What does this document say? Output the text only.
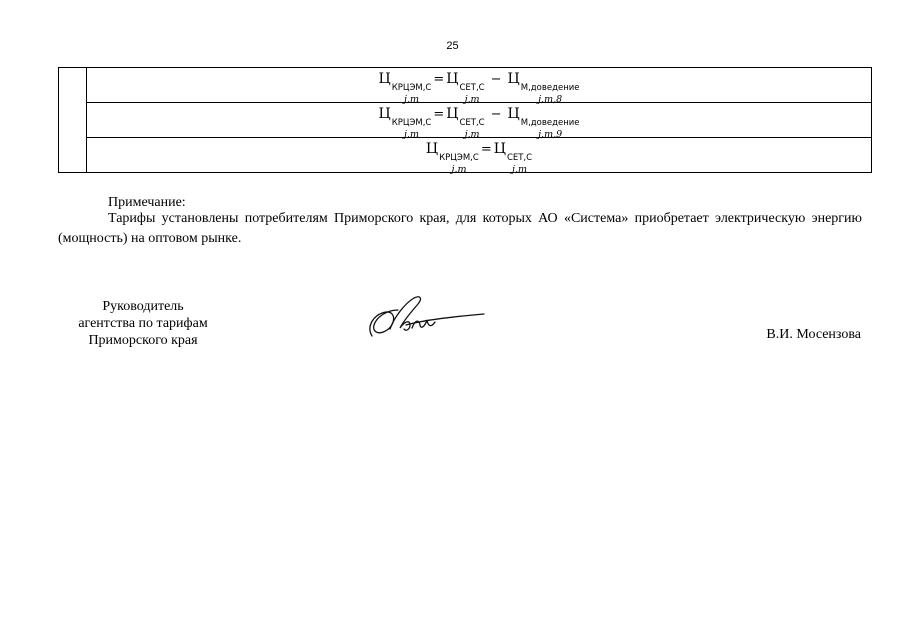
25
	Ц
КРЦЭМ,С
j,m
= Ц
СЕТ,С
j,m
− Ц
М,доведение
j,m,8

Ц
КРЦЭМ,С
j,m
= Ц
СЕТ,С
j,m
− Ц
М,доведение
j,m,9

Ц
КРЦЭМ,С
j,m
= Ц
СЕТ,С
j,m
Примечание:
Тарифы установлены потребителям Приморского края, для которых АО «Система» приобретает электрическую энергию (мощность) на оптовом рынке.
Руководитель
агентства по тарифам
Приморского края	В.И. Мосензова
